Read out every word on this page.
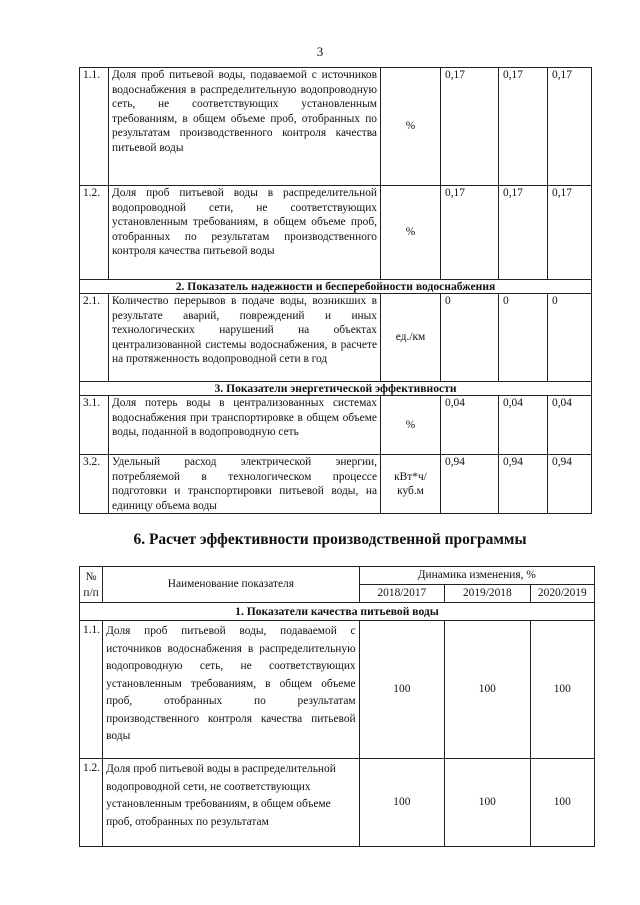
3
1.1.	Доля проб питьевой воды, подаваемой с источников водоснабжения в распределительную водопроводную сеть, не соответствующих установленным требованиям, в общем объеме проб, отобранных по результатам производственного контроля качества питьевой воды	%		0,17	0,17	0,17
1.2.	Доля проб питьевой воды в распределительной водопроводной сети, не соответствующих установленным требованиям, в общем объеме проб, отобранных по результатам производственного контроля качества питьевой воды	%		0,17	0,17	0,17
2. Показатель надежности и бесперебойности водоснабжения					
2.1.	Количество перерывов в подаче воды, возникших в результате аварий, повреждений и иных технологических нарушений на объектах централизованной системы водоснабжения, в расчете на протяженность водопроводной сети в год	ед./км		0	0	0
3. Показатели энергетической эффективности					
3.1.	Доля потерь воды в централизованных системах водоснабжения при транспортировке в общем объеме воды, поданной в водопроводную сеть	%		0,04	0,04	0,04
3.2.	Удельный расход электрической энергии, потребляемой в технологическом процессе подготовки и транспортировки питьевой воды, на единицу объема воды	кВт*ч/ куб.м		0,94	0,94	0,94
6. Расчет эффективности производственной программы
№	Наименование показателя	Динамика изменения, %		
п/п		2018/2017	2019/2018	2020/2019
1. Показатели качества питьевой воды				
1.1.	Доля проб питьевой воды, подаваемой с источников водоснабжения в распределительную водопроводную сеть, не соответствующих установленным требованиям, в общем объеме проб, отобранных по результатам производственного контроля качества питьевой воды	100	100	100
1.2.	Доля проб питьевой воды в распределительной водопроводной сети, не соответствующих установленным требованиям, в общем объеме проб, отобранных по результатам	100	100	100
